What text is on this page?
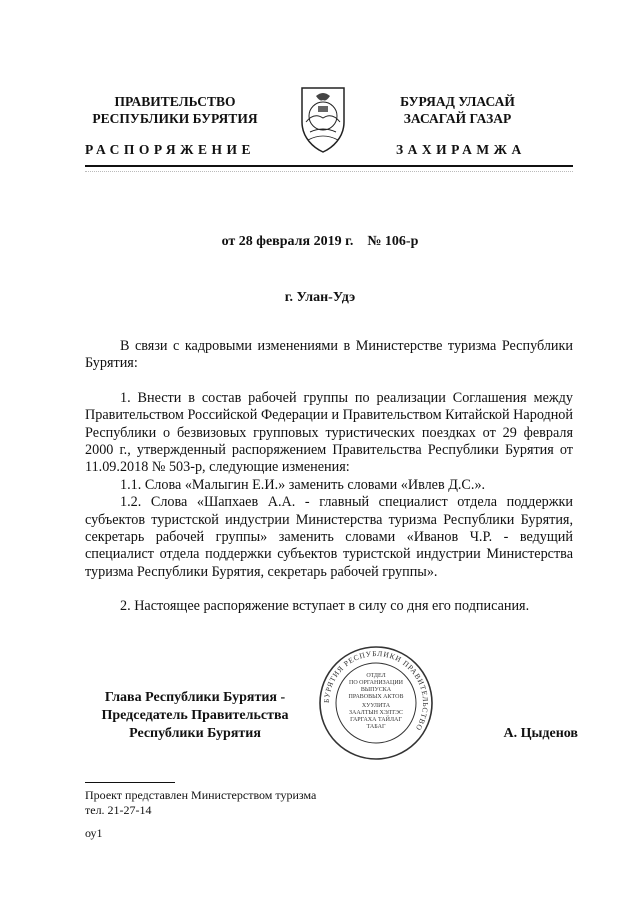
ПРАВИТЕЛЬСТВО
РЕСПУБЛИКИ БУРЯТИЯ
БУРЯАД УЛАСАЙ
ЗАСАГАЙ ГАЗАР
РАСПОРЯЖЕНИЕ	ЗАХИРАМЖА
от 28 февраля 2019 г.    № 106-р
г. Улан-Удэ

В связи с кадровыми изменениями в Министерстве туризма Республики Бурятия:

1. Внести в состав рабочей группы по реализации Соглашения между Правительством Российской Федерации и Правительством Китайской Народной Республики о безвизовых групповых туристических поездках от 29 февраля 2000 г., утвержденный распоряжением Правительства Республики Бурятия от 11.09.2018 № 503-р, следующие изменения:

1.1. Слова «Малыгин Е.И.» заменить словами «Ивлев Д.С.».

1.2. Слова «Шапхаев А.А. - главный специалист отдела поддержки субъектов туристской индустрии Министерства туризма Республики Бурятия, секретарь рабочей группы» заменить словами «Иванов Ч.Р. - ведущий специалист отдела поддержки субъектов туристской индустрии Министерства туризма Республики Бурятия, секретарь рабочей группы».

2. Настоящее распоряжение вступает в силу со дня его подписания.

БУРЯТИЯ РЕСПУБЛИКИ ПРАВИТЕЛЬСТВО
ОТДЕЛ
ПО ОРГАНИЗАЦИИ
ВЫПУСКА
ПРАВОВЫХ АКТОВ
ХУУЛИТА
ЗААЛТЫН ХЭЛТЭС
ГАРГАХА ТАЙЛАГ
ТАБАГ
Глава Республики Бурятия -
Председатель Правительства
Республики Бурятия	А. Цыденов
Проект представлен Министерством туризма
тел. 21-27-14
оу1
